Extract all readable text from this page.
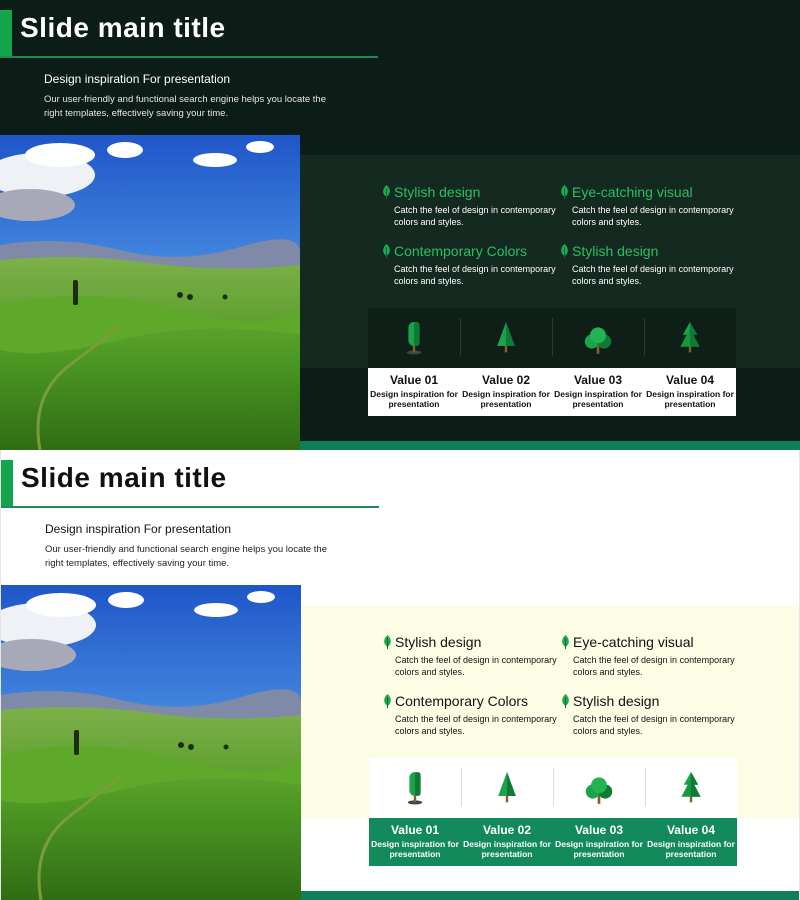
Slide main title
Design inspiration For presentation

Our user-friendly and functional search engine helps you locate the right templates, effectively saving your time.

Stylish design
Catch the feel of design in contemporary colors and styles.
Eye-catching visual
Catch the feel of design in contemporary colors and styles.
Contemporary Colors
Catch the feel of design in contemporary colors and styles.
Stylish design
Catch the feel of design in contemporary colors and styles.
Value 01
Design inspiration for presentation
Value 02
Design inspiration for presentation
Value 03
Design inspiration for presentation
Value 04
Design inspiration for presentation
Slide main title
Design inspiration For presentation

Our user-friendly and functional search engine helps you locate the right templates, effectively saving your time.

Stylish design
Catch the feel of design in contemporary colors and styles.
Eye-catching visual
Catch the feel of design in contemporary colors and styles.
Contemporary Colors
Catch the feel of design in contemporary colors and styles.
Stylish design
Catch the feel of design in contemporary colors and styles.
Value 01
Design inspiration for presentation
Value 02
Design inspiration for presentation
Value 03
Design inspiration for presentation
Value 04
Design inspiration for presentation
